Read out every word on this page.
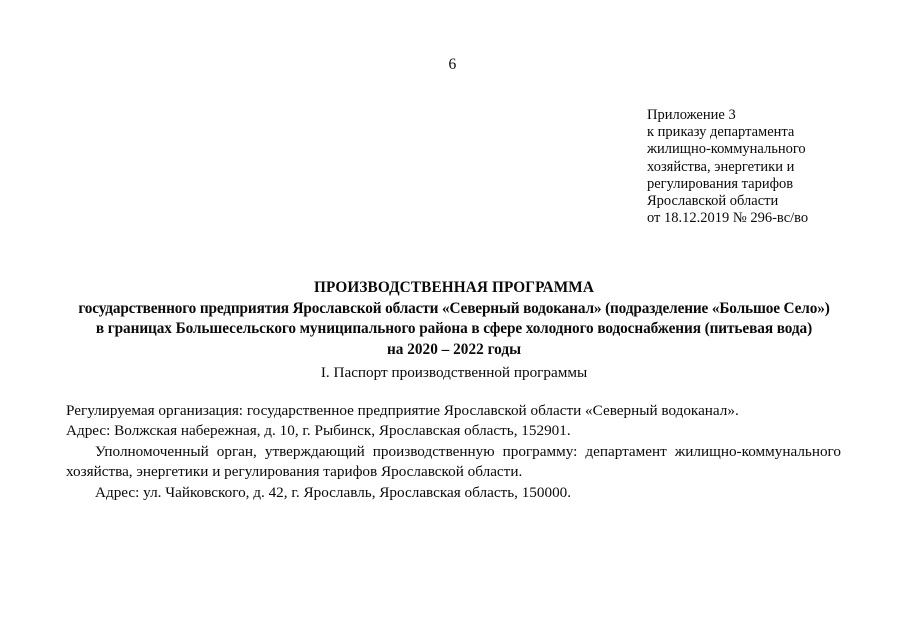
6
Приложение 3
к приказу департамента
жилищно-коммунального
хозяйства, энергетики и
регулирования тарифов
Ярославской области
от 18.12.2019 № 296-вс/во
ПРОИЗВОДСТВЕННАЯ ПРОГРАММА
государственного предприятия Ярославской области «Северный водоканал» (подразделение «Большое Село»)
в границах Большесельского муниципального района в сфере холодного водоснабжения (питьевая вода)
на 2020 – 2022 годы
I. Паспорт производственной программы

Регулируемая организация: государственное предприятие Ярославской области «Северный водоканал».

Адрес: Волжская набережная, д. 10, г. Рыбинск, Ярославская область, 152901.

Уполномоченный орган, утверждающий производственную программу: департамент жилищно-коммунального хозяйства, энергетики и регулирования тарифов Ярославской области.

Адрес: ул. Чайковского, д. 42, г. Ярославль, Ярославская область, 150000.
